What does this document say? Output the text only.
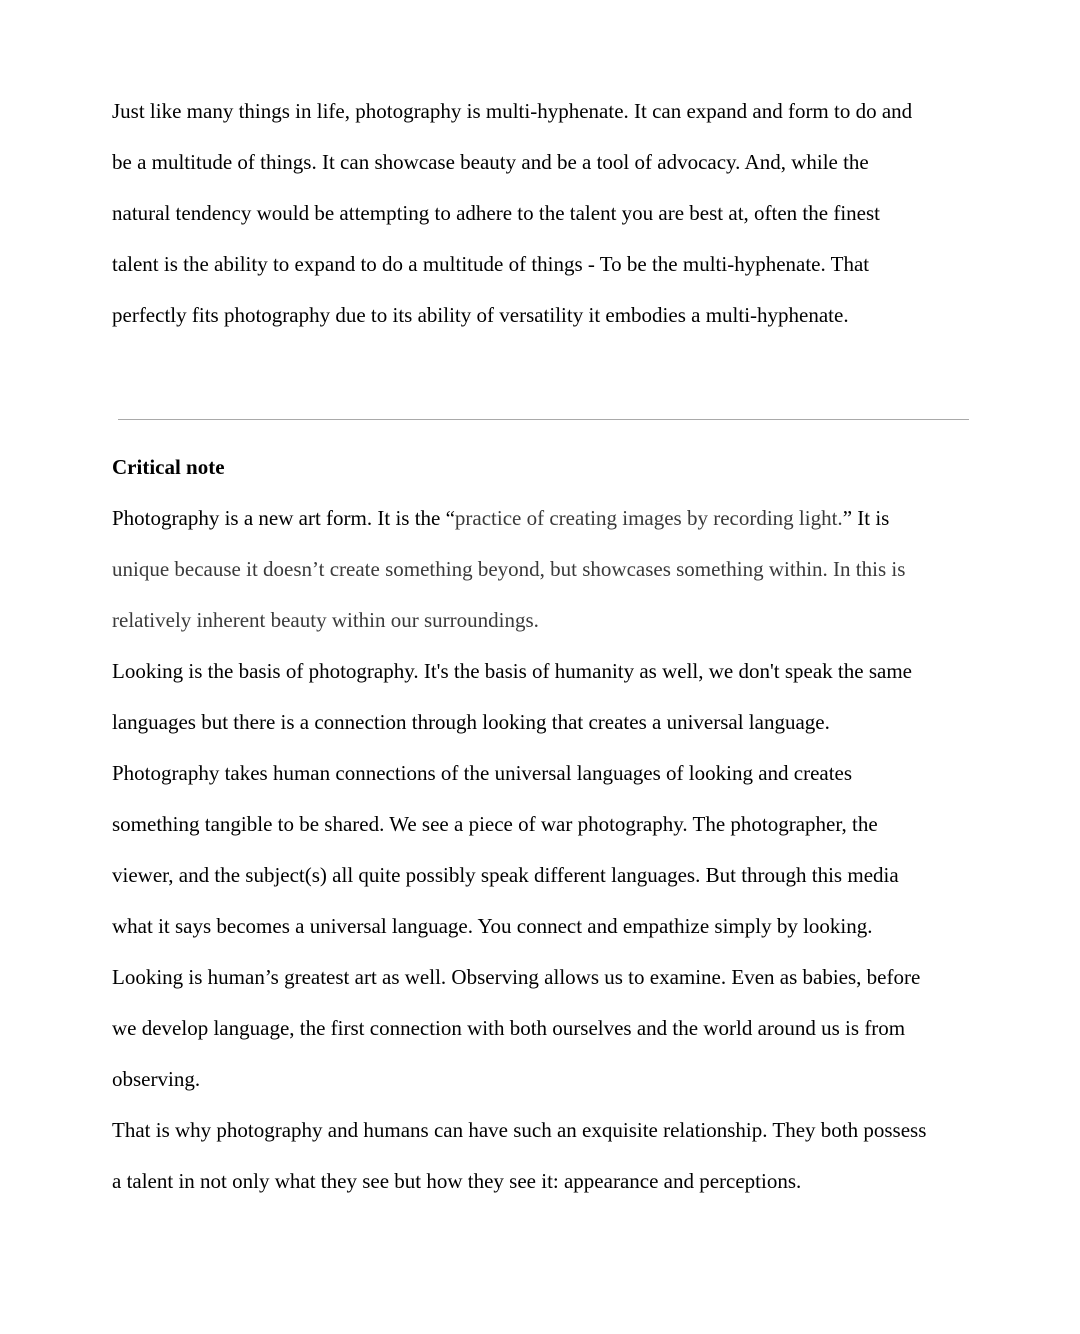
Just like many things in life, photography is multi-hyphenate. It can expand and form to do and
be a multitude of things. It can showcase beauty and be a tool of advocacy. And, while the
natural tendency would be attempting to adhere to the talent you are best at, often the finest
talent is the ability to expand to do a multitude of things - To be the multi-hyphenate. That
perfectly fits photography due to its ability of versatility it embodies a multi-hyphenate.
Critical note
Photography is a new art form. It is the “practice of creating images by recording light.” It is
unique because it doesn’t create something beyond, but showcases something within. In this is
relatively inherent beauty within our surroundings.
Looking is the basis of photography. It's the basis of humanity as well, we don't speak the same
languages but there is a connection through looking that creates a universal language.
Photography takes human connections of the universal languages of looking and creates
something tangible to be shared. We see a piece of war photography. The photographer, the
viewer, and the subject(s) all quite possibly speak different languages. But through this media
what it says becomes a universal language. You connect and empathize simply by looking.
Looking is human’s greatest art as well. Observing allows us to examine. Even as babies, before
we develop language, the first connection with both ourselves and the world around us is from
observing.
That is why photography and humans can have such an exquisite relationship. They both possess
a talent in not only what they see but how they see it: appearance and perceptions.
